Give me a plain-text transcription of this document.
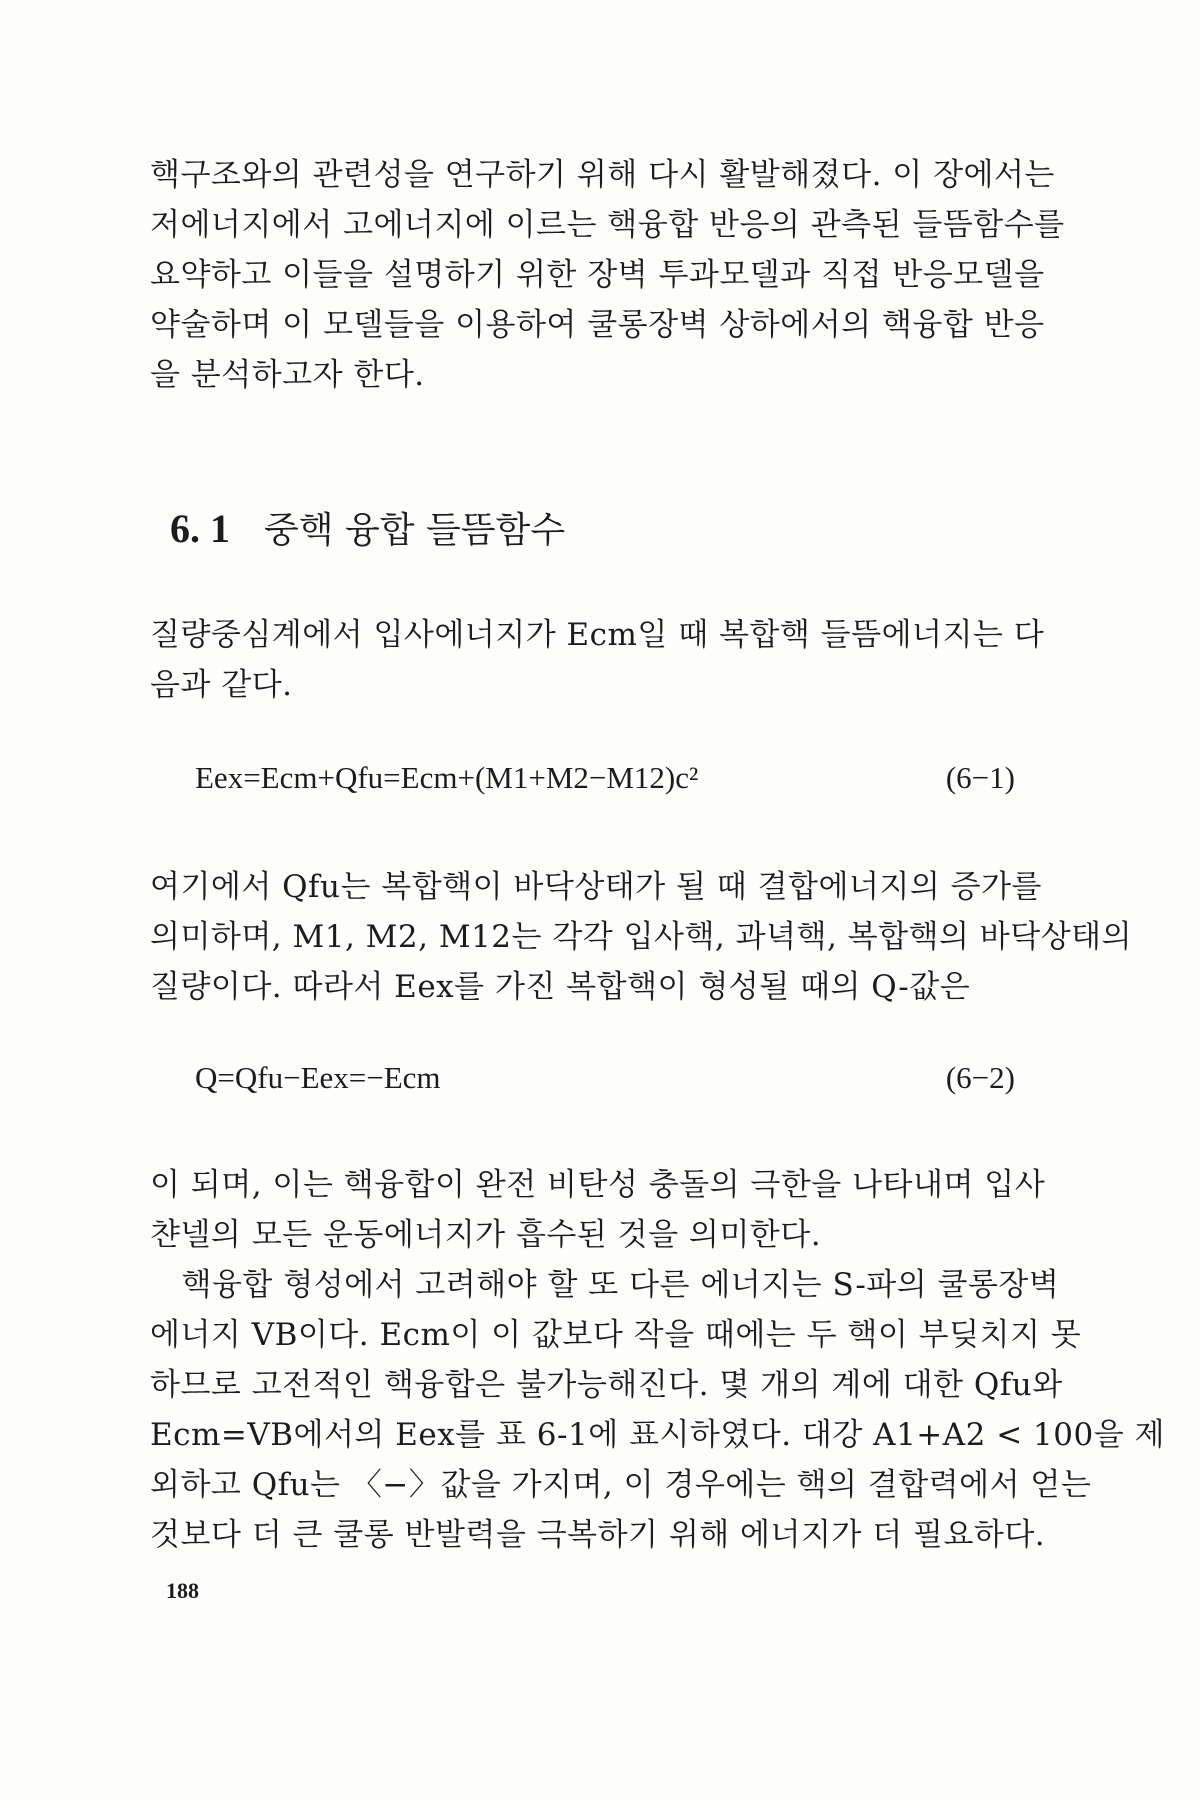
핵구조와의 관련성을 연구하기 위해 다시 활발해졌다. 이 장에서는
저에너지에서 고에너지에 이르는 핵융합 반응의 관측된 들뜸함수를
요약하고 이들을 설명하기 위한 장벽 투과모델과 직접 반응모델을
약술하며 이 모델들을 이용하여 쿨롱장벽 상하에서의 핵융합 반응
을 분석하고자 한다.
6. 1 중핵 융합 들뜸함수
질량중심계에서 입사에너지가 Ecm일 때 복합핵 들뜸에너지는 다
음과 같다.
Eex=Ecm+Qfu=Ecm+(M1+M2−M12)c²	(6−1)
여기에서 Qfu는 복합핵이 바닥상태가 될 때 결합에너지의 증가를
의미하며, M1, M2, M12는 각각 입사핵, 과녁핵, 복합핵의 바닥상태의
질량이다. 따라서 Eex를 가진 복합핵이 형성될 때의 Q-값은
Q=Qfu−Eex=−Ecm	(6−2)
이 되며, 이는 핵융합이 완전 비탄성 충돌의 극한을 나타내며 입사
챤넬의 모든 운동에너지가 흡수된 것을 의미한다.
　핵융합 형성에서 고려해야 할 또 다른 에너지는 S-파의 쿨롱장벽
에너지 VB이다. Ecm이 이 값보다 작을 때에는 두 핵이 부딪치지 못
하므로 고전적인 핵융합은 불가능해진다. 몇 개의 계에 대한 Qfu와
Ecm=VB에서의 Eex를 표 6-1에 표시하였다. 대강 A1+A2 < 100을 제
외하고 Qfu는 〈−〉값을 가지며, 이 경우에는 핵의 결합력에서 얻는
것보다 더 큰 쿨롱 반발력을 극복하기 위해 에너지가 더 필요하다.
188
